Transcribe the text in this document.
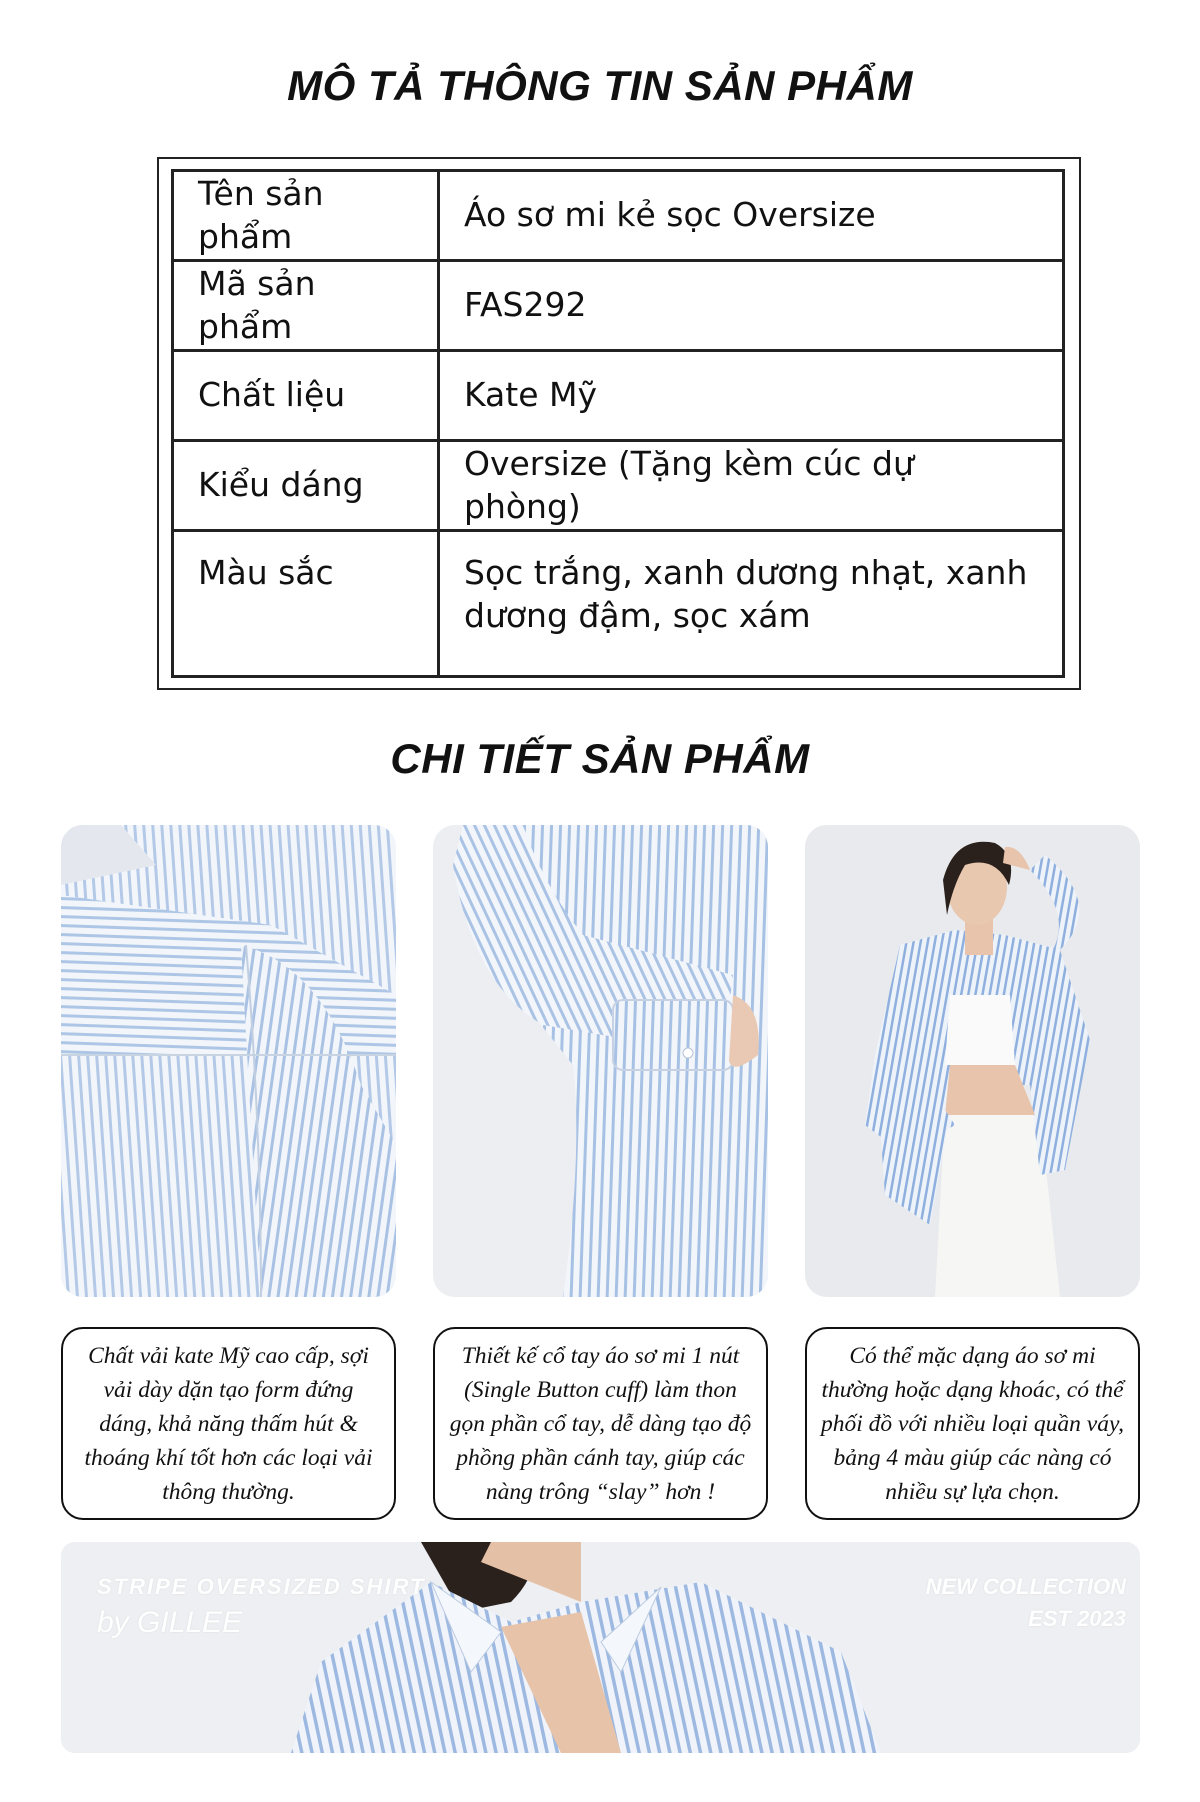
MÔ TẢ THÔNG TIN SẢN PHẨM
Tên sản phẩm	Áo sơ mi kẻ sọc Oversize
Mã sản phẩm	FAS292
Chất liệu	Kate Mỹ
Kiểu dáng	Oversize (Tặng kèm cúc dự phòng)
Màu sắc	Sọc trắng, xanh dương nhạt, xanh dương đậm, sọc xám
CHI TIẾT SẢN PHẨM
Chất vải kate Mỹ cao cấp, sợi vải dày dặn tạo form đứng dáng, khả năng thấm hút & thoáng khí tốt hơn các loại vải thông thường.
Thiết kế cổ tay áo sơ mi 1 nút (Single Button cuff) làm thon gọn phần cổ tay, dễ dàng tạo độ phồng phần cánh tay, giúp các nàng trông “slay” hơn !
Có thể mặc dạng áo sơ mi thường hoặc dạng khoác, có thể phối đồ với nhiều loại quần váy, bảng 4 màu giúp các nàng có nhiều sự lựa chọn.
STRIPE OVERSIZED SHIRT
by GILLEE
NEW COLLECTION
EST 2023
